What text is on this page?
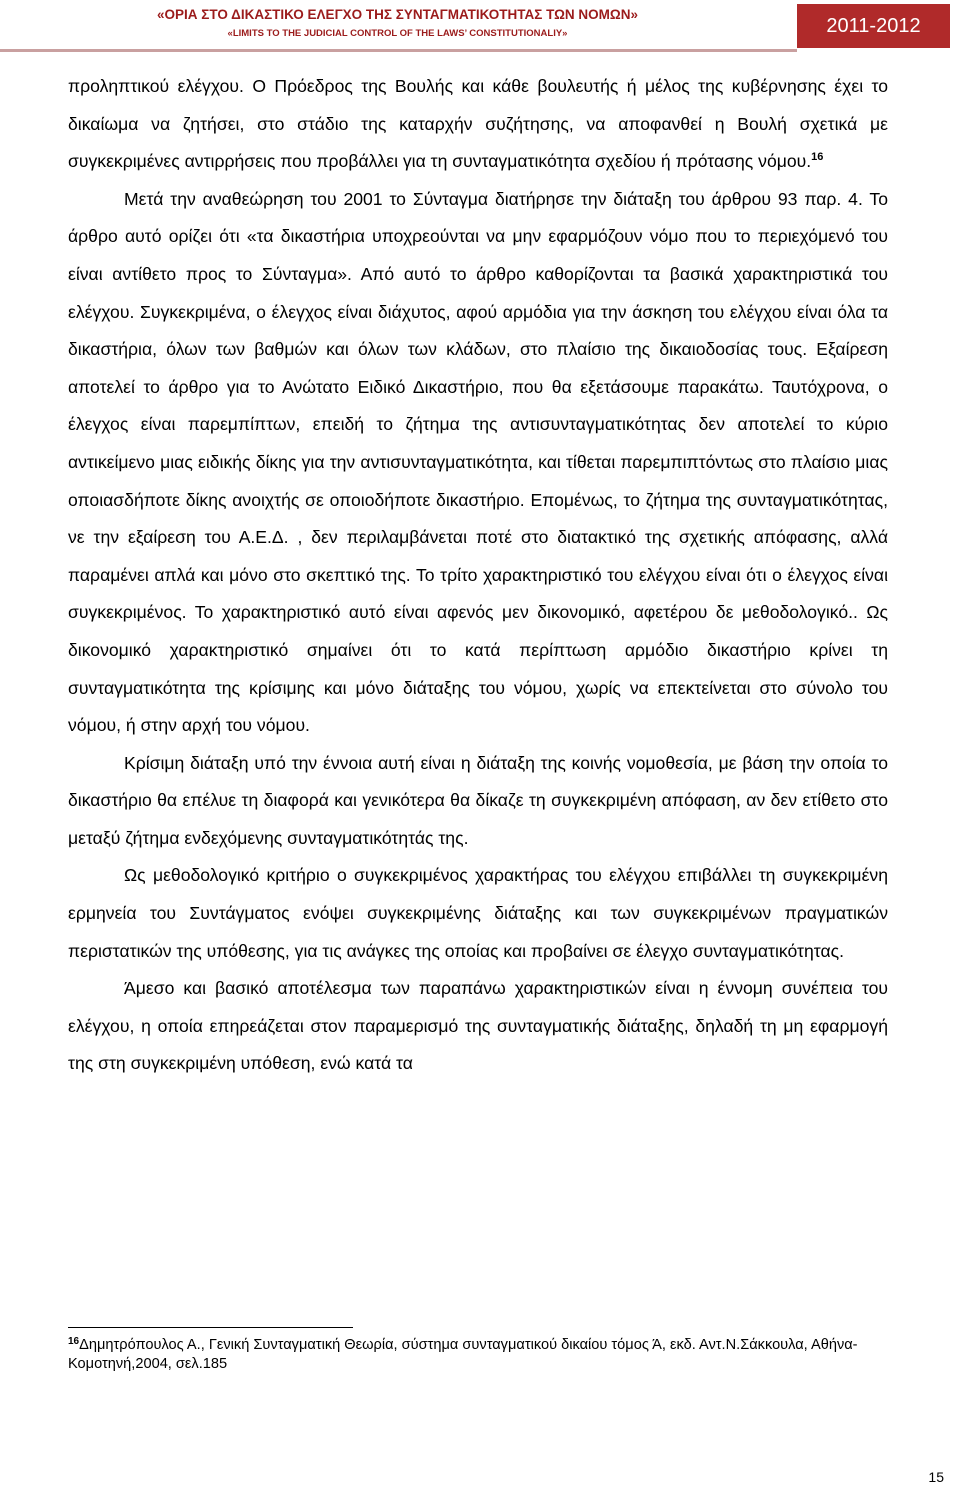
«ΟΡΙΑ ΣΤΟ ΔΙΚΑΣΤΙΚΟ ΕΛΕΓΧΟ ΤΗΣ ΣΥΝΤΑΓΜΑΤΙΚΟΤΗΤΑΣ ΤΩΝ ΝΟΜΩΝ»
«LIMITS TO THE JUDICIAL CONTROL OF THE LAWS’ CONSTITUTIONALIY»	2011-2012

προληπτικού ελέγχου. Ο Πρόεδρος της Βουλής και κάθε βουλευτής ή μέλος της κυβέρνησης έχει το δικαίωμα να ζητήσει, στο στάδιο της καταρχήν συζήτησης, να αποφανθεί η Βουλή σχετικά με συγκεκριμένες αντιρρήσεις που προβάλλει για τη συνταγματικότητα σχεδίου ή πρότασης νόμου.$^{16}$

Μετά την αναθεώρηση του 2001 το Σύνταγμα διατήρησε την διάταξη του άρθρου 93 παρ. 4. Το άρθρο αυτό ορίζει ότι «τα δικαστήρια υποχρεούνται να μην εφαρμόζουν νόμο που το περιεχόμενό του είναι αντίθετο προς το Σύνταγμα». Από αυτό το άρθρο καθορίζονται τα βασικά χαρακτηριστικά του ελέγχου. Συγκεκριμένα, ο έλεγχος είναι διάχυτος, αφού αρμόδια για την άσκηση του ελέγχου είναι όλα τα δικαστήρια, όλων των βαθμών και όλων των κλάδων, στο πλαίσιο της δικαιοδοσίας τους. Εξαίρεση αποτελεί το άρθρο για το Ανώτατο Ειδικό Δικαστήριο, που θα εξετάσουμε παρακάτω. Ταυτόχρονα, ο έλεγχος είναι παρεμπίπτων, επειδή το ζήτημα της αντισυνταγματικότητας δεν αποτελεί το κύριο αντικείμενο μιας ειδικής δίκης για την αντισυνταγματικότητα, και τίθεται παρεμπιπτόντως στο πλαίσιο μιας οποιασδήποτε δίκης ανοιχτής σε οποιοδήποτε δικαστήριο. Επομένως, το ζήτημα της συνταγματικότητας, νε την εξαίρεση του Α.Ε.Δ. , δεν περιλαμβάνεται ποτέ στο διατακτικό της σχετικής απόφασης, αλλά παραμένει απλά και μόνο στο σκεπτικό της. Το τρίτο χαρακτηριστικό του ελέγχου είναι ότι ο έλεγχος είναι συγκεκριμένος. Το χαρακτηριστικό αυτό είναι αφενός μεν δικονομικό, αφετέρου δε μεθοδολογικό.. Ως δικονομικό χαρακτηριστικό σημαίνει ότι το κατά περίπτωση αρμόδιο δικαστήριο κρίνει τη συνταγματικότητα της κρίσιμης και μόνο διάταξης του νόμου, χωρίς να επεκτείνεται στο σύνολο του νόμου, ή στην αρχή του νόμου.

Κρίσιμη διάταξη υπό την έννοια αυτή είναι η διάταξη της κοινής νομοθεσία, με βάση την οποία το δικαστήριο θα επέλυε τη διαφορά και γενικότερα θα δίκαζε τη συγκεκριμένη απόφαση, αν δεν ετίθετο στο μεταξύ ζήτημα ενδεχόμενης συνταγματικότητάς της.

Ως μεθοδολογικό κριτήριο ο συγκεκριμένος χαρακτήρας του ελέγχου επιβάλλει τη συγκεκριμένη ερμηνεία του Συντάγματος ενόψει συγκεκριμένης διάταξης και των συγκεκριμένων πραγματικών περιστατικών της υπόθεσης, για τις ανάγκες της οποίας και προβαίνει σε έλεγχο συνταγματικότητας.

Άμεσο και βασικό αποτέλεσμα των παραπάνω χαρακτηριστικών είναι η έννομη συνέπεια του ελέγχου, η οποία επηρεάζεται στον παραμερισμό της συνταγματικής διάταξης, δηλαδή τη μη εφαρμογή της στη συγκεκριμένη υπόθεση, ενώ κατά τα

$^{16}$Δημητρόπουλος Α., Γενική Συνταγματική Θεωρία, σύστημα συνταγματικού δικαίου τόμος Ά, εκδ. Αντ.Ν.Σάκκουλα, Αθήνα-Κομοτηνή,2004, σελ.185
15
